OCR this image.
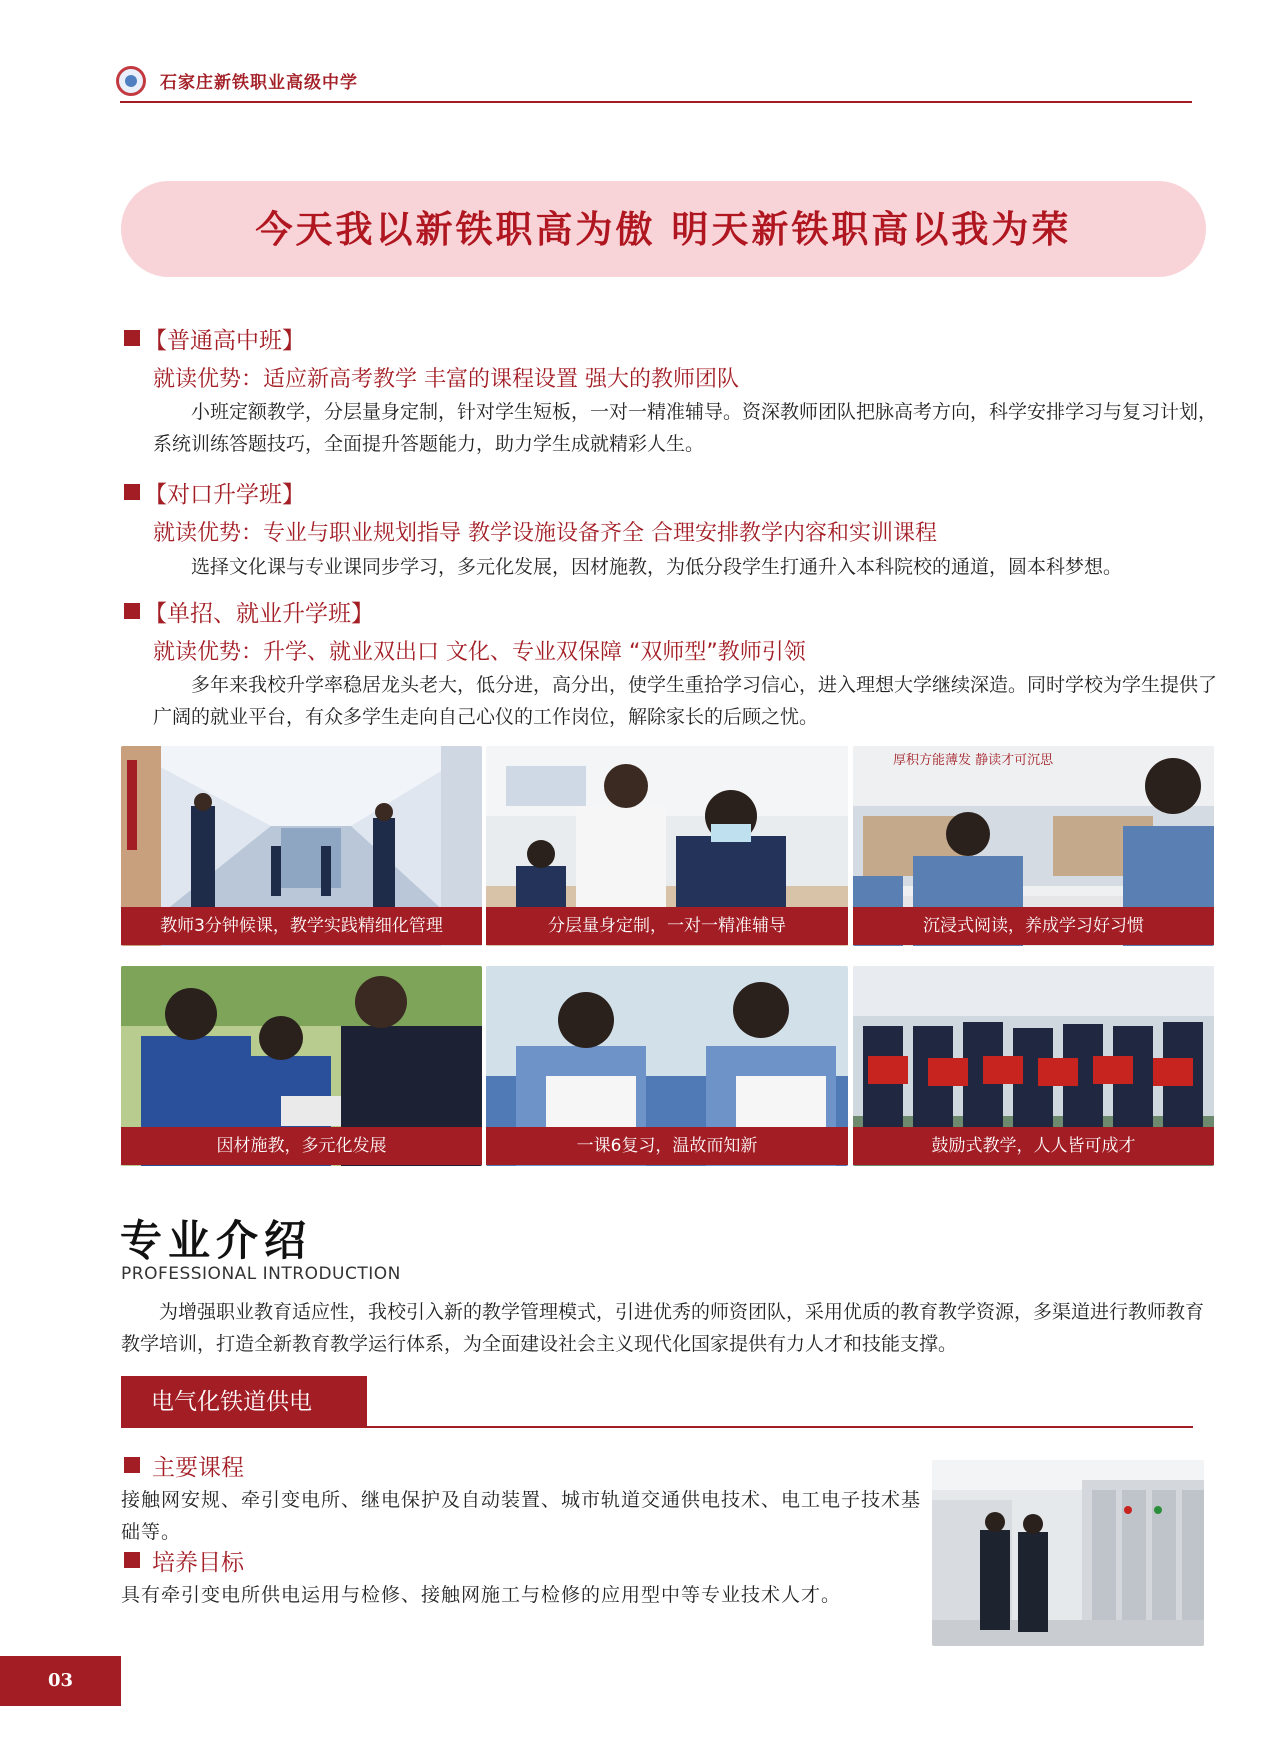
石家庄新铁职业高级中学
今天我以新铁职高为傲 明天新铁职高以我为荣
【普通高中班】
就读优势：适应新高考教学 丰富的课程设置 强大的教师团队
小班定额教学，分层量身定制，针对学生短板，一对一精准辅导。资深教师团队把脉高考方向，科学安排学习与复习计划，系统训练答题技巧，全面提升答题能力，助力学生成就精彩人生。
【对口升学班】
就读优势：专业与职业规划指导 教学设施设备齐全 合理安排教学内容和实训课程
选择文化课与专业课同步学习，多元化发展，因材施教，为低分段学生打通升入本科院校的通道，圆本科梦想。
【单招、就业升学班】
就读优势：升学、就业双出口 文化、专业双保障 “双师型”教师引领
多年来我校升学率稳居龙头老大，低分进，高分出，使学生重拾学习信心，进入理想大学继续深造。同时学校为学生提供了广阔的就业平台，有众多学生走向自己心仪的工作岗位，解除家长的后顾之忧。
厚积方能薄发 静读才可沉思
教师3分钟候课，教学实践精细化管理	分层量身定制，一对一精准辅导	沉浸式阅读，养成学习好习惯
因材施教，多元化发展	一课6复习，温故而知新	鼓励式教学，人人皆可成才
专业介绍
PROFESSIONAL INTRODUCTION
为增强职业教育适应性，我校引入新的教学管理模式，引进优秀的师资团队，采用优质的教育教学资源，多渠道进行教师教育教学培训，打造全新教育教学运行体系，为全面建设社会主义现代化国家提供有力人才和技能支撑。
电气化铁道供电
主要课程
接触网安规、牵引变电所、继电保护及自动装置、城市轨道交通供电技术、电工电子技术基础等。
培养目标
具有牵引变电所供电运用与检修、接触网施工与检修的应用型中等专业技术人才。
03
